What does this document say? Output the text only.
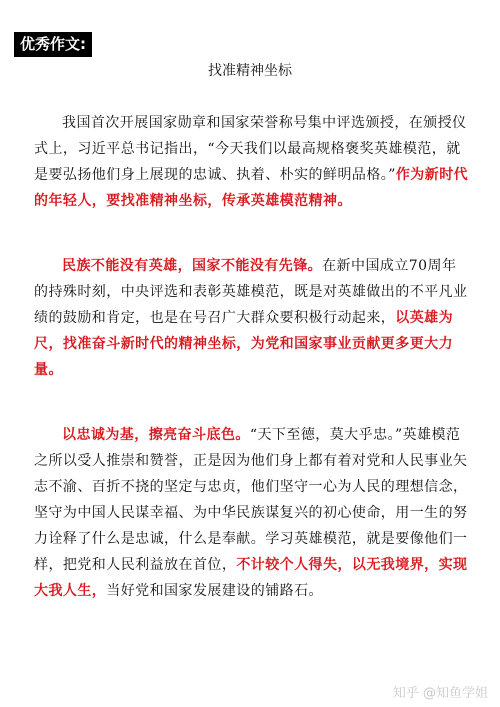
优秀作文:
找准精神坐标

我国首次开展国家勋章和国家荣誉称号集中评选颁授，在颁授仪式上，习近平总书记指出，“今天我们以最高规格褒奖英雄模范，就是要弘扬他们身上展现的忠诚、执着、朴实的鲜明品格。”作为新时代的年轻人，要找准精神坐标，传承英雄模范精神。

民族不能没有英雄，国家不能没有先锋。在新中国成立70周年的持殊时刻，中央评选和表彰英雄模范，既是对英雄做出的不平凡业绩的鼓励和肯定，也是在号召广大群众要积极行动起来，以英雄为尺，找准奋斗新时代的精神坐标，为党和国家事业贡献更多更大力量。

以忠诚为基，擦亮奋斗底色。“天下至德，莫大乎忠。”英雄模范之所以受人推崇和赞誉，正是因为他们身上都有着对党和人民事业矢志不渝、百折不挠的坚定与忠贞，他们坚守一心为人民的理想信念，坚守为中国人民谋幸福、为中华民族谋复兴的初心使命，用一生的努力诠释了什么是忠诚，什么是奉献。学习英雄模范，就是要像他们一样，把党和人民利益放在首位，不计较个人得失，以无我境界，实现大我人生，当好党和国家发展建设的铺路石。

知乎 @知鱼学姐
